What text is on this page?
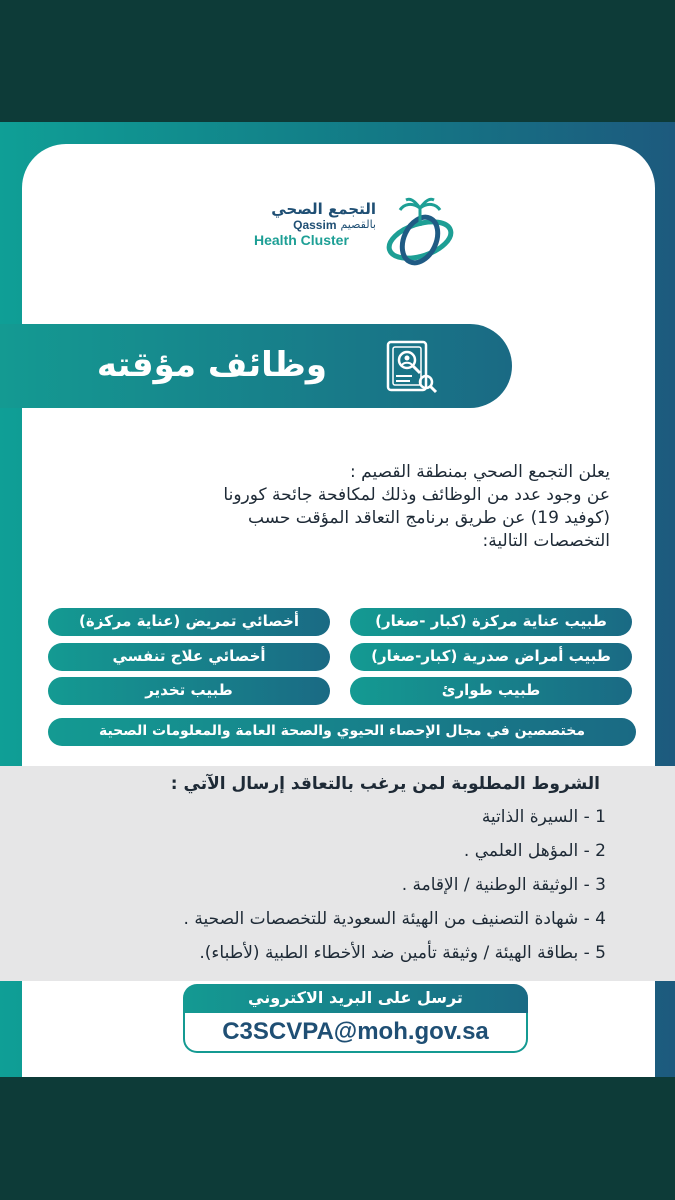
التجمع الصحي
Qassim بالقصيم
Health Cluster
وظائف مؤقته
يعلن التجمع الصحي بمنطقة القصيم :
عن وجود عدد من الوظائف وذلك لمكافحة جائحة كورونا
(كوفيد 19) عن طريق برنامج التعاقد المؤقت حسب
التخصصات التالية:
طبيب عناية مركزة (كبار -صغار)
طبيب أمراض صدرية (كبار-صغار)
طبيب طوارئ
أخصائي تمريض (عناية مركزة)
أخصائي علاج تنفسي
طبيب تخدير
مختصصين في مجال الإحصاء الحيوي والصحة العامة والمعلومات الصحية
الشروط المطلوبة لمن يرغب بالتعاقد إرسال الآتي :
1 - السيرة الذاتية
2 - المؤهل العلمي .
3 - الوثيقة الوطنية / الإقامة .
4 - شهادة التصنيف من الهيئة السعودية للتخصصات الصحية .
5 - بطاقة الهيئة / وثيقة تأمين ضد الأخطاء الطبية (لأطباء).
ترسل على البريد الاكتروني
C3SCVPA@moh.gov.sa
